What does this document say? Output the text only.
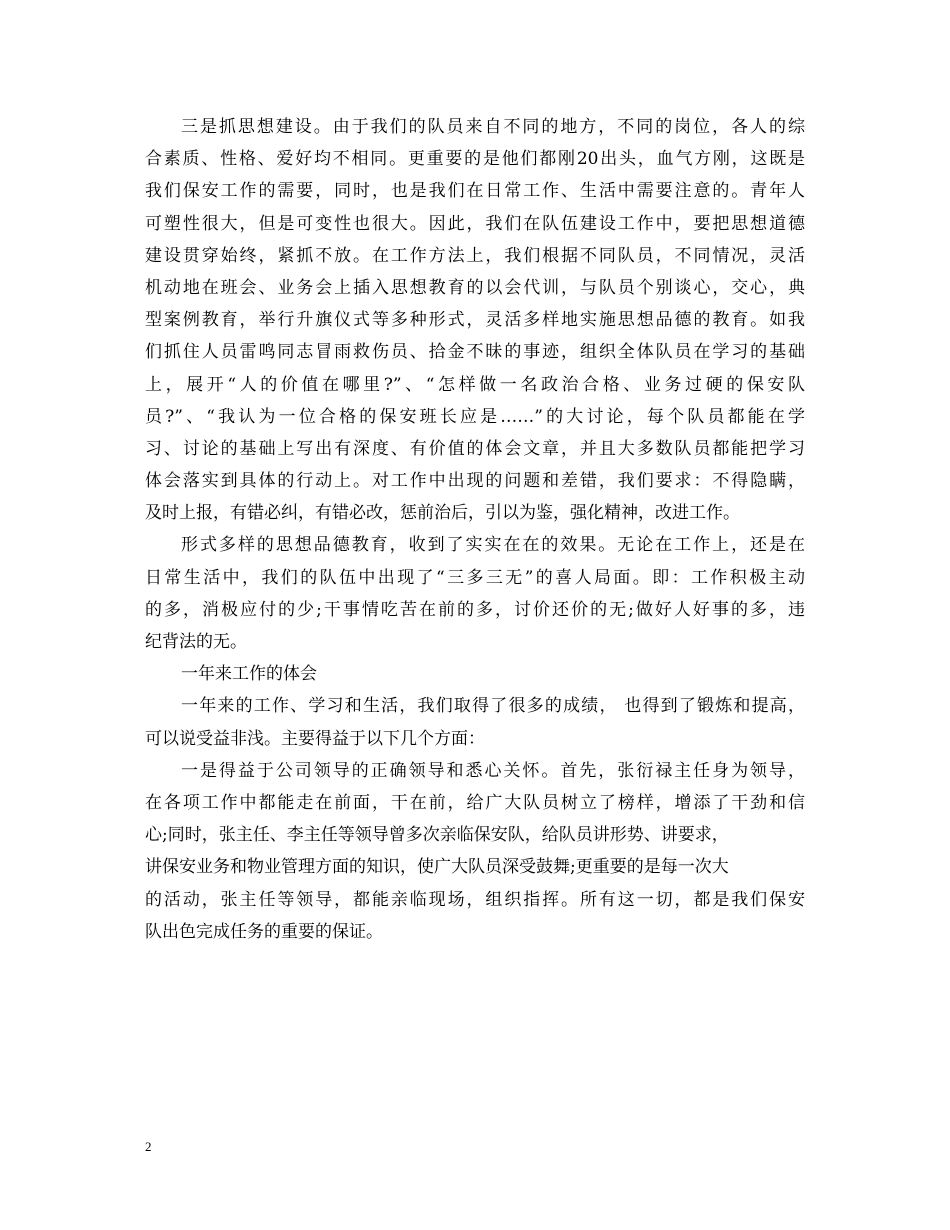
三是抓思想建设。由于我们的队员来自不同的地方，不同的岗位，各人的综
合素质、性格、爱好均不相同。更重要的是他们都刚20出头，血气方刚，这既是
我们保安工作的需要，同时，也是我们在日常工作、生活中需要注意的。青年人
可塑性很大，但是可变性也很大。因此，我们在队伍建设工作中，要把思想道德
建设贯穿始终，紧抓不放。在工作方法上，我们根据不同队员，不同情况，灵活
机动地在班会、业务会上插入思想教育的以会代训，与队员个别谈心，交心，典
型案例教育，举行升旗仪式等多种形式，灵活多样地实施思想品德的教育。如我
们抓住人员雷鸣同志冒雨救伤员、拾金不昧的事迹，组织全体队员在学习的基础
上，展开“人的价值在哪里?”、“怎样做一名政治合格、业务过硬的保安队
员?”、“我认为一位合格的保安班长应是……”的大讨论，每个队员都能在学
习、讨论的基础上写出有深度、有价值的体会文章，并且大多数队员都能把学习
体会落实到具体的行动上。对工作中出现的问题和差错，我们要求：不得隐瞒，
及时上报，有错必纠，有错必改，惩前治后，引以为鉴，强化精神，改进工作。
形式多样的思想品德教育，收到了实实在在的效果。无论在工作上，还是在
日常生活中，我们的队伍中出现了“三多三无”的喜人局面。即：工作积极主动
的多，消极应付的少;干事情吃苦在前的多，讨价还价的无;做好人好事的多，违
纪背法的无。
一年来工作的体会
一年来的工作、学习和生活，我们取得了很多的成绩， 也得到了锻炼和提高，
可以说受益非浅。主要得益于以下几个方面：
一是得益于公司领导的正确领导和悉心关怀。首先，张衍禄主任身为领导，
在各项工作中都能走在前面，干在前，给广大队员树立了榜样，增添了干劲和信
心;同时，张主任、李主任等领导曾多次亲临保安队，给队员讲形势、讲要求，
讲保安业务和物业管理方面的知识，使广大队员深受鼓舞;更重要的是每一次大
的活动，张主任等领导，都能亲临现场，组织指挥。所有这一切，都是我们保安
队出色完成任务的重要的保证。
2
